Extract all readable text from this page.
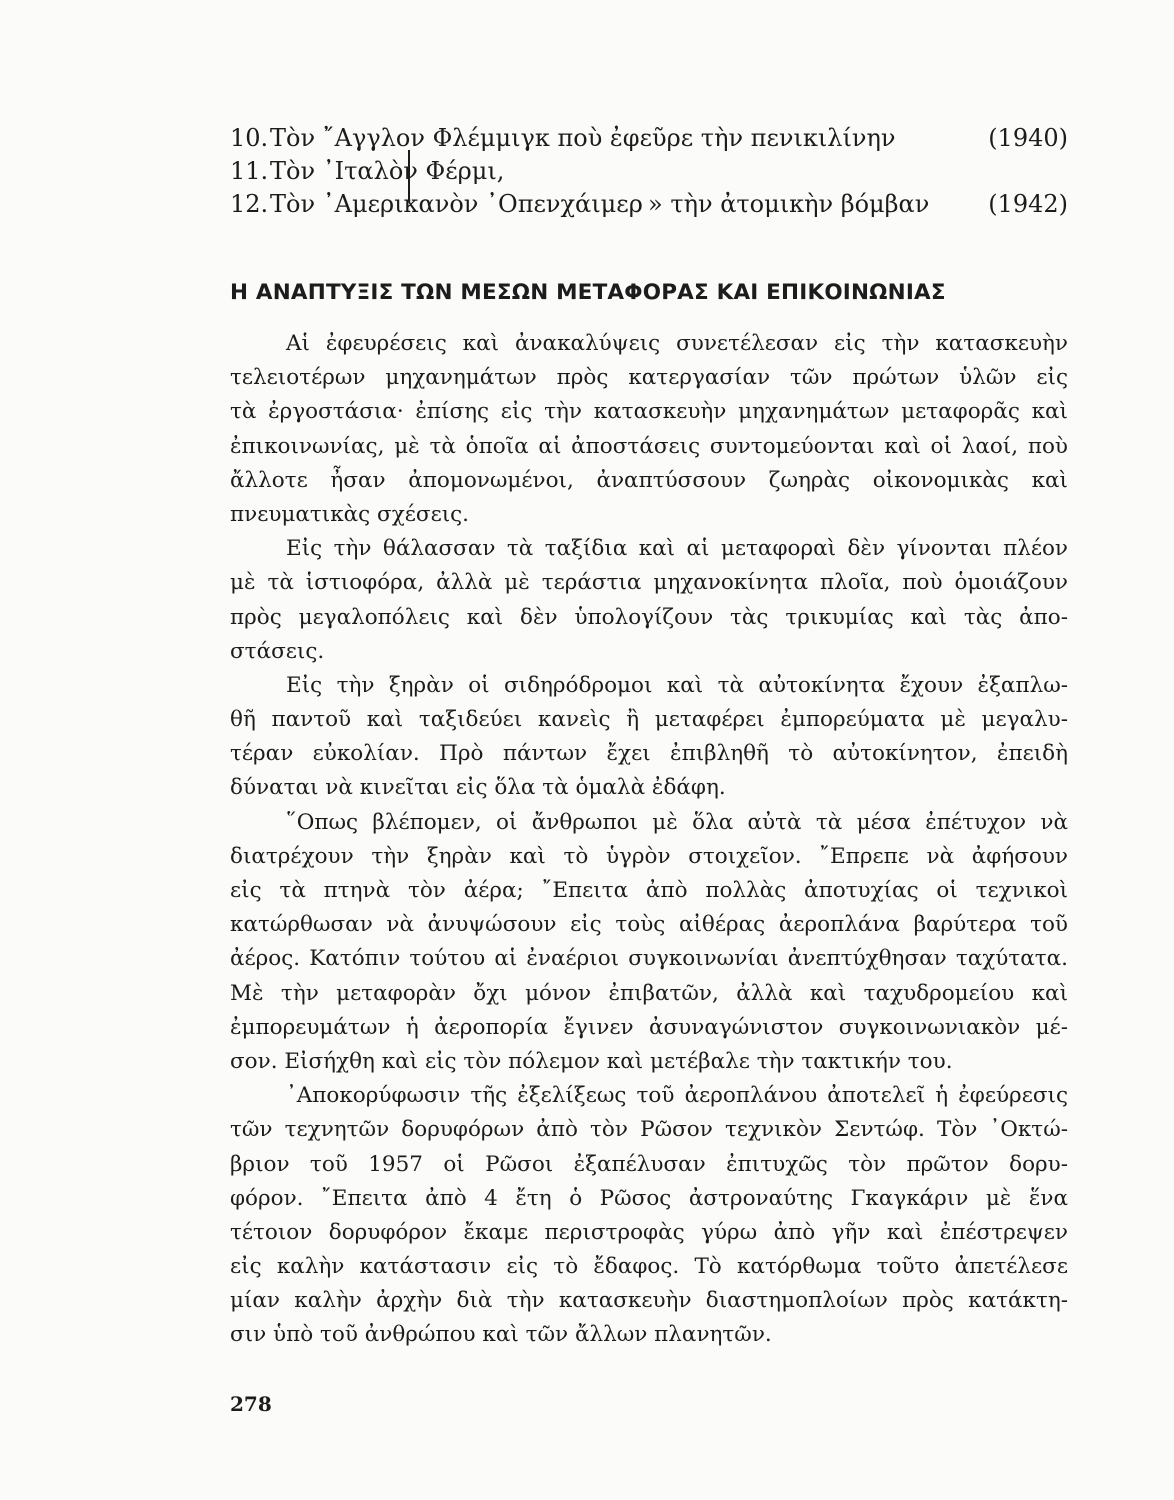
10.Τὸν ῎Αγγλον Φλέμμιγκ ποὺ ἐφεῦρε τὴν πενικιλίνην	(1940)
11.Τὸν ᾿Ιταλὸν Φέρμι,
12.Τὸν ᾿Αμερικανὸν ᾿Οπενχάιμερ » τὴν ἀτομικὴν βόμβαν (1942)
Η ΑΝΑΠΤΥΞΙΣ ΤΩΝ ΜΕΣΩΝ ΜΕΤΑΦΟΡΑΣ ΚΑΙ ΕΠΙΚΟΙΝΩΝΙΑΣ
Αἱ ἐφευρέσεις καὶ ἀνακαλύψεις συνετέλεσαν εἰς τὴν κατασκευὴν
τελειοτέρων μηχανημάτων πρὸς κατεργασίαν τῶν πρώτων ὑλῶν εἰς
τὰ ἐργοστάσια· ἐπίσης εἰς τὴν κατασκευὴν μηχανημάτων μεταφορᾶς καὶ
ἐπικοινωνίας, μὲ τὰ ὁποῖα αἱ ἀποστάσεις συντομεύονται καὶ οἱ λαοί, ποὺ
ἄλλοτε ἦσαν ἀπομονωμένοι, ἀναπτύσσουν ζωηρὰς οἰκονομικὰς καὶ
πνευματικὰς σχέσεις.
Εἰς τὴν θάλασσαν τὰ ταξίδια καὶ αἱ μεταφοραὶ δὲν γίνονται πλέον
μὲ τὰ ἱστιοφόρα, ἀλλὰ μὲ τεράστια μηχανοκίνητα πλοῖα, ποὺ ὁμοιάζουν
πρὸς μεγαλοπόλεις καὶ δὲν ὑπολογίζουν τὰς τρικυμίας καὶ τὰς ἀπο-
στάσεις.
Εἰς τὴν ξηρὰν οἱ σιδηρόδρομοι καὶ τὰ αὐτοκίνητα ἔχουν ἐξαπλω-
θῆ παντοῦ καὶ ταξιδεύει κανεὶς ἢ μεταφέρει ἐμπορεύματα μὲ μεγαλυ-
τέραν εὐκολίαν. Πρὸ πάντων ἔχει ἐπιβληθῆ τὸ αὐτοκίνητον, ἐπειδὴ
δύναται νὰ κινεῖται εἰς ὅλα τὰ ὁμαλὰ ἐδάφη.
῞Οπως βλέπομεν, οἱ ἄνθρωποι μὲ ὅλα αὐτὰ τὰ μέσα ἐπέτυχον νὰ
διατρέχουν τὴν ξηρὰν καὶ τὸ ὑγρὸν στοιχεῖον. ῎Επρεπε νὰ ἀφήσουν
εἰς τὰ πτηνὰ τὸν ἀέρα; ῎Επειτα ἀπὸ πολλὰς ἀποτυχίας οἱ τεχνικοὶ
κατώρθωσαν νὰ ἀνυψώσουν εἰς τοὺς αἰθέρας ἀεροπλάνα βαρύτερα τοῦ
ἀέρος. Κατόπιν τούτου αἱ ἐναέριοι συγκοινωνίαι ἀνεπτύχθησαν ταχύτατα.
Μὲ τὴν μεταφορὰν ὄχι μόνον ἐπιβατῶν, ἀλλὰ καὶ ταχυδρομείου καὶ
ἐμπορευμάτων ἡ ἀεροπορία ἔγινεν ἀσυναγώνιστον συγκοινωνιακὸν μέ-
σον. Εἰσήχθη καὶ εἰς τὸν πόλεμον καὶ μετέβαλε τὴν τακτικήν του.
᾿Αποκορύφωσιν τῆς ἐξελίξεως τοῦ ἀεροπλάνου ἀποτελεῖ ἡ ἐφεύρεσις
τῶν τεχνητῶν δορυφόρων ἀπὸ τὸν Ρῶσον τεχνικὸν Σεντώφ. Τὸν ᾿Οκτώ-
βριον τοῦ 1957 οἱ Ρῶσοι ἐξαπέλυσαν ἐπιτυχῶς τὸν πρῶτον δορυ-
φόρον. ῎Επειτα ἀπὸ 4 ἔτη ὁ Ρῶσος ἀστροναύτης Γκαγκάριν μὲ ἕνα
τέτοιον δορυφόρον ἔκαμε περιστροφὰς γύρω ἀπὸ γῆν καὶ ἐπέστρεψεν
εἰς καλὴν κατάστασιν εἰς τὸ ἔδαφος. Τὸ κατόρθωμα τοῦτο ἀπετέλεσε
μίαν καλὴν ἀρχὴν διὰ τὴν κατασκευὴν διαστημοπλοίων πρὸς κατάκτη-
σιν ὑπὸ τοῦ ἀνθρώπου καὶ τῶν ἄλλων πλανητῶν.
278
